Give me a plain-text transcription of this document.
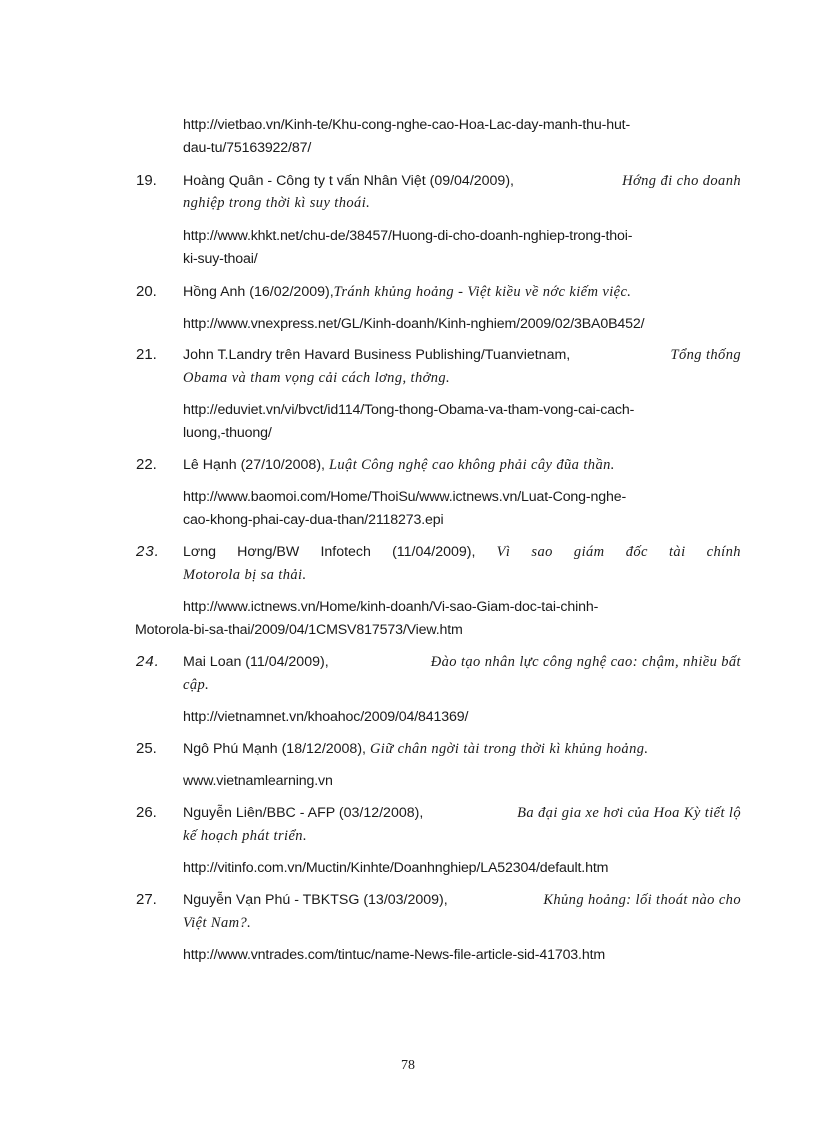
http://vietbao.vn/Kinh-te/Khu-cong-nghe-cao-Hoa-Lac-day-manh-thu-hut-
dau-tu/75163922/87/
19. Hoàng Quân - Công ty t vấn Nhân Việt (09/04/2009),	Hớng đi cho doanh
nghiệp trong thời kì suy thoái.
http://www.khkt.net/chu-de/38457/Huong-di-cho-doanh-nghiep-trong-thoi-
ki-suy-thoai/
20. Hồng Anh (16/02/2009),Tránh khủng hoảng - Việt kiều về nớc kiếm việc.
http://www.vnexpress.net/GL/Kinh-doanh/Kinh-nghiem/2009/02/3BA0B452/
21. John T.Landry trên Havard Business Publishing/Tuanvietnam,	Tổng thống
Obama và tham vọng cải cách lơng, thởng.
http://eduviet.vn/vi/bvct/id114/Tong-thong-Obama-va-tham-vong-cai-cach-
luong,-thuong/
22. Lê Hạnh (27/10/2008), Luật Công nghệ cao không phải cây đũa thần.
http://www.baomoi.com/Home/ThoiSu/www.ictnews.vn/Luat-Cong-nghe-
cao-khong-phai-cay-dua-than/2118273.epi
23. Lơng Hơng/BW Infotech (11/04/2009), Vì sao giám đốc tài chính
Motorola bị sa thải.
http://www.ictnews.vn/Home/kinh-doanh/Vi-sao-Giam-doc-tai-chinh-
Motorola-bi-sa-thai/2009/04/1CMSV817573/View.htm
24. Mai Loan (11/04/2009),	Đào tạo nhân lực công nghệ cao: chậm, nhiều bất
cập.
http://vietnamnet.vn/khoahoc/2009/04/841369/
25. Ngô Phú Mạnh (18/12/2008), Giữ chân ngời tài trong thời kì khủng hoảng.
www.vietnamlearning.vn
26. Nguyễn Liên/BBC - AFP (03/12/2008),	Ba đại gia xe hơi của Hoa Kỳ tiết lộ
kế hoạch phát triển.
http://vitinfo.com.vn/Muctin/Kinhte/Doanhnghiep/LA52304/default.htm
27. Nguyễn Vạn Phú - TBKTSG (13/03/2009),	Khủng hoảng: lối thoát nào cho
Việt Nam?.
http://www.vntrades.com/tintuc/name-News-file-article-sid-41703.htm
78
